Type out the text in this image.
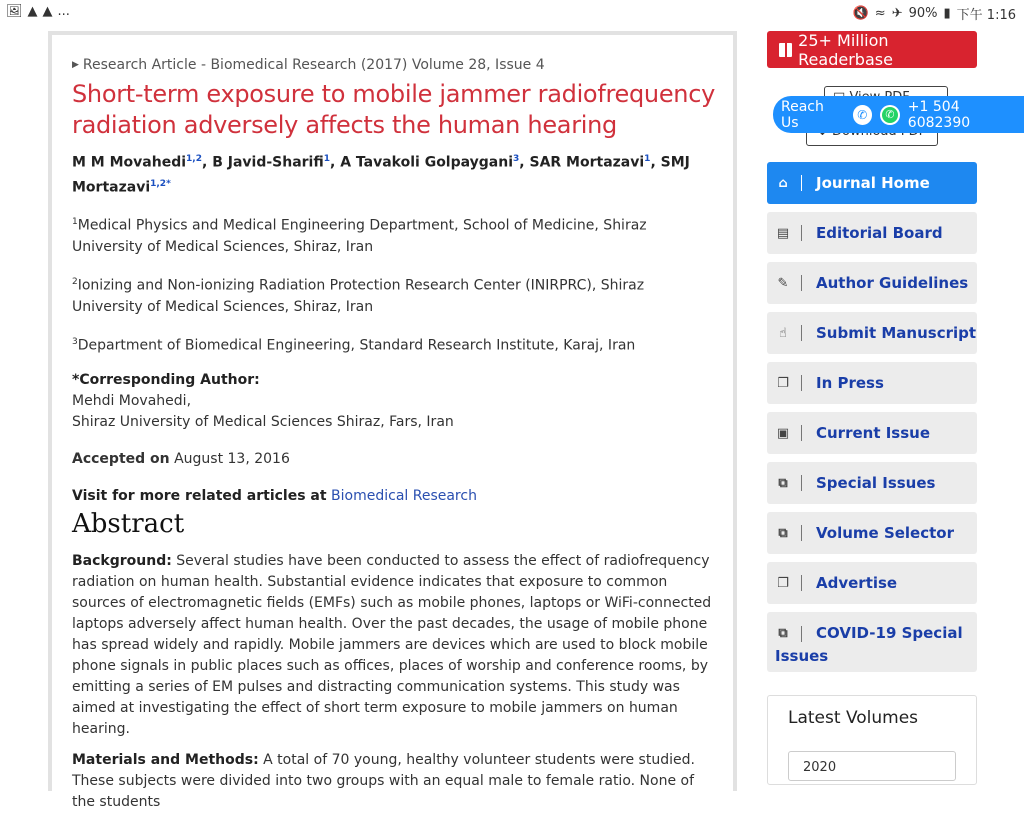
🖼 ▲ ▲ ...	🔇 ≈ ✈ 90% ▮ 下午 1:16
▶ Research Article - Biomedical Research (2017) Volume 28, Issue 4
Short-term exposure to mobile jammer radiofrequency radiation adversely affects the human hearing
M M Movahedi$^{1,2}$, B Javid-Sharifi$^1$, A Tavakoli Golpaygani$^3$, SAR Mortazavi$^1$, SMJ Mortazavi$^{1,2*}$

$^1$Medical Physics and Medical Engineering Department, School of Medicine, Shiraz University of Medical Sciences, Shiraz, Iran

$^2$Ionizing and Non-ionizing Radiation Protection Research Center (INIRPRC), Shiraz University of Medical Sciences, Shiraz, Iran

$^3$Department of Biomedical Engineering, Standard Research Institute, Karaj, Iran

*Corresponding Author:
Mehdi Movahedi,
Shiraz University of Medical Sciences Shiraz, Fars, Iran
Accepted on August 13, 2016
Visit for more related articles at Biomedical Research
Abstract

Background: Several studies have been conducted to assess the effect of radiofrequency radiation on human health. Substantial evidence indicates that exposure to common sources of electromagnetic fields (EMFs) such as mobile phones, laptops or WiFi-connected laptops adversely affect human health. Over the past decades, the usage of mobile phone has spread widely and rapidly. Mobile jammers are devices which are used to block mobile phone signals in public places such as offices, places of worship and conference rooms, by emitting a series of EM pulses and distracting communication systems. This study was aimed at investigating the effect of short term exposure to mobile jammers on human hearing.

Materials and Methods: A total of 70 young, healthy volunteer students were studied. These subjects were divided into two groups with an equal male to female ratio. None of the students

25+ Million Readerbase
Reach Us	✆	✆ +1 504 6082390
⌂ Journal Home
▤ Editorial Board
✎ Author Guidelines
☝ Submit Manuscript
❐ In Press
▣ Current Issue
⧉ Special Issues
⧉ Volume Selector
❐ Advertise
⧉ COVID-19 Special Issues
Latest Volumes
2020
